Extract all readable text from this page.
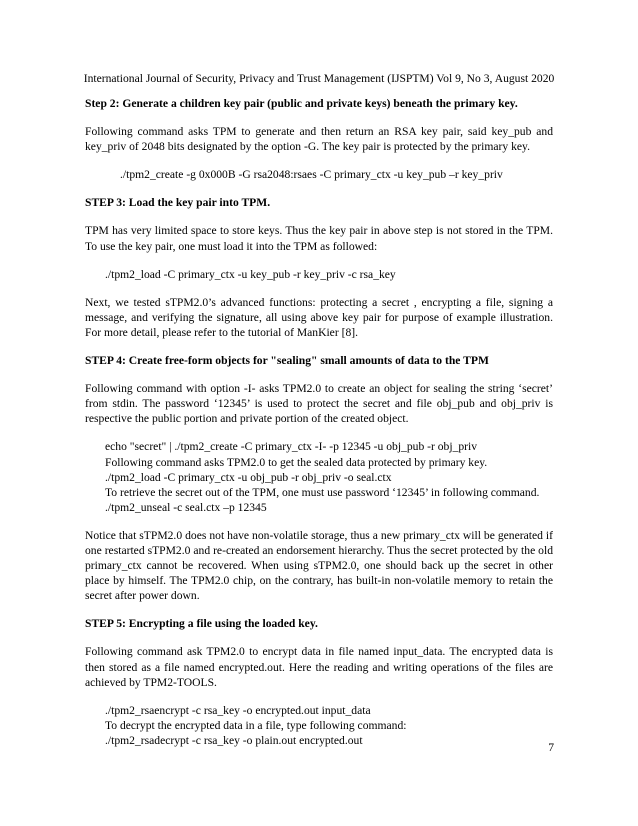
International Journal of Security, Privacy and Trust Management (IJSPTM) Vol 9, No 3, August 2020
Step 2: Generate a children key pair (public and private keys) beneath the primary key.
Following command asks TPM to generate and then return an RSA key pair, said key_pub and key_priv of 2048 bits designated by the option -G. The key pair is protected by the primary key.
./tpm2_create -g 0x000B -G rsa2048:rsaes -C primary_ctx -u key_pub –r key_priv
STEP 3: Load the key pair into TPM.
TPM has very limited space to store keys. Thus the key pair in above step is not stored in the TPM. To use the key pair, one must load it into the TPM as followed:
./tpm2_load -C primary_ctx -u key_pub -r key_priv -c rsa_key
Next, we tested sTPM2.0’s advanced functions: protecting a secret , encrypting a file, signing a message, and verifying the signature, all using above key pair for purpose of example illustration. For more detail, please refer to the tutorial of ManKier [8].
STEP 4: Create free-form objects for "sealing" small amounts of data to the TPM
Following command with option -I- asks TPM2.0 to create an object for sealing the string ‘secret’ from stdin. The password ‘12345’ is used to protect the secret and file obj_pub and obj_priv is respective the public portion and private portion of the created object.
echo "secret" | ./tpm2_create -C primary_ctx -I- -p 12345 -u obj_pub -r obj_priv
Following command asks TPM2.0 to get the sealed data protected by primary key.
./tpm2_load -C primary_ctx -u obj_pub -r obj_priv -o seal.ctx
To retrieve the secret out of the TPM, one must use password ‘12345’ in following command.
./tpm2_unseal -c seal.ctx –p 12345
Notice that sTPM2.0 does not have non-volatile storage, thus a new primary_ctx will be generated if one restarted sTPM2.0 and re-created an endorsement hierarchy. Thus the secret protected by the old primary_ctx cannot be recovered. When using sTPM2.0, one should back up the secret in other place by himself. The TPM2.0 chip, on the contrary, has built-in non-volatile memory to retain the secret after power down.
STEP 5: Encrypting a file using the loaded key.
Following command ask TPM2.0 to encrypt data in file named input_data. The encrypted data is then stored as a file named encrypted.out. Here the reading and writing operations of the files are achieved by TPM2-TOOLS.
./tpm2_rsaencrypt -c rsa_key -o encrypted.out input_data
To decrypt the encrypted data in a file, type following command:
./tpm2_rsadecrypt -c rsa_key -o plain.out encrypted.out
7
